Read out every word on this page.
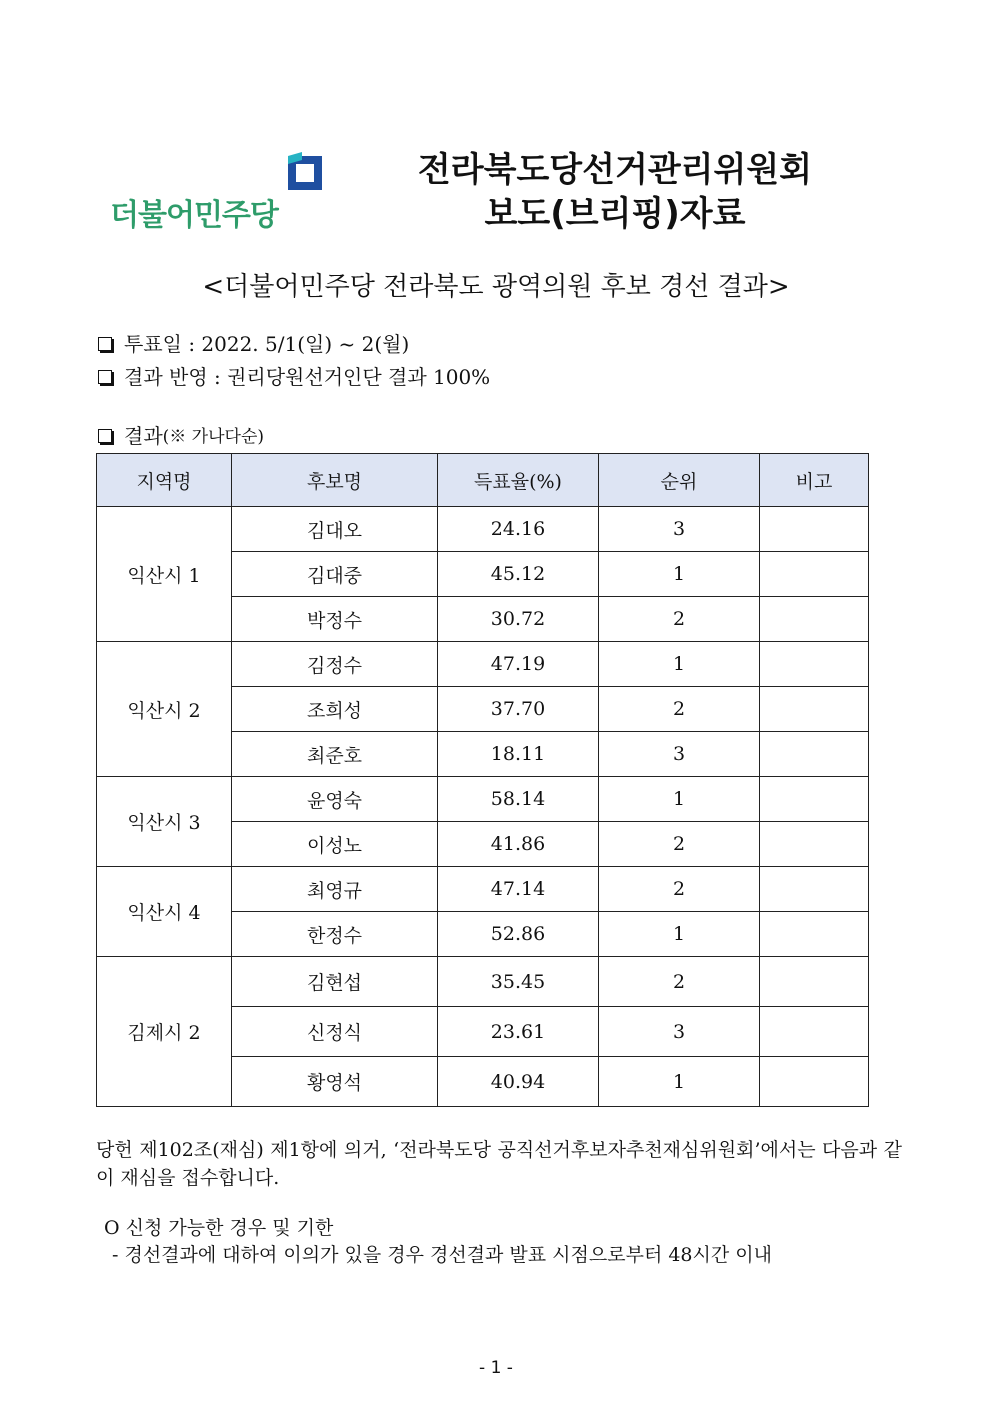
더불어민주당
전라북도당선거관리위원회
보도(브리핑)자료
<더불어민주당 전라북도 광역의원 후보 경선 결과>
투표일 : 2022. 5/1(일) ~ 2(월)
결과 반영 : 권리당원선거인단 결과 100%
결과 (※ 가나다순)
지역명	후보명	득표율(%)	순위	비고
익산시 1	김대오	24.16	3	
	김대중	45.12	1	
	박정수	30.72	2	
익산시 2	김정수	47.19	1	
	조희성	37.70	2	
	최준호	18.11	3	
익산시 3	윤영숙	58.14	1	
	이성노	41.86	2	
익산시 4	최영규	47.14	2	
	한정수	52.86	1	
김제시 2	김현섭	35.45	2	
	신정식	23.61	3	
	황영석	40.94	1	
당헌 제102조(재심) 제1항에 의거, ‘전라북도당 공직선거후보자추천재심위원회’에서는 다음과 같이 재심을 접수합니다.
O 신청 가능한 경우 및 기한
- 경선결과에 대하여 이의가 있을 경우 경선결과 발표 시점으로부터 48시간 이내
- 1 -
